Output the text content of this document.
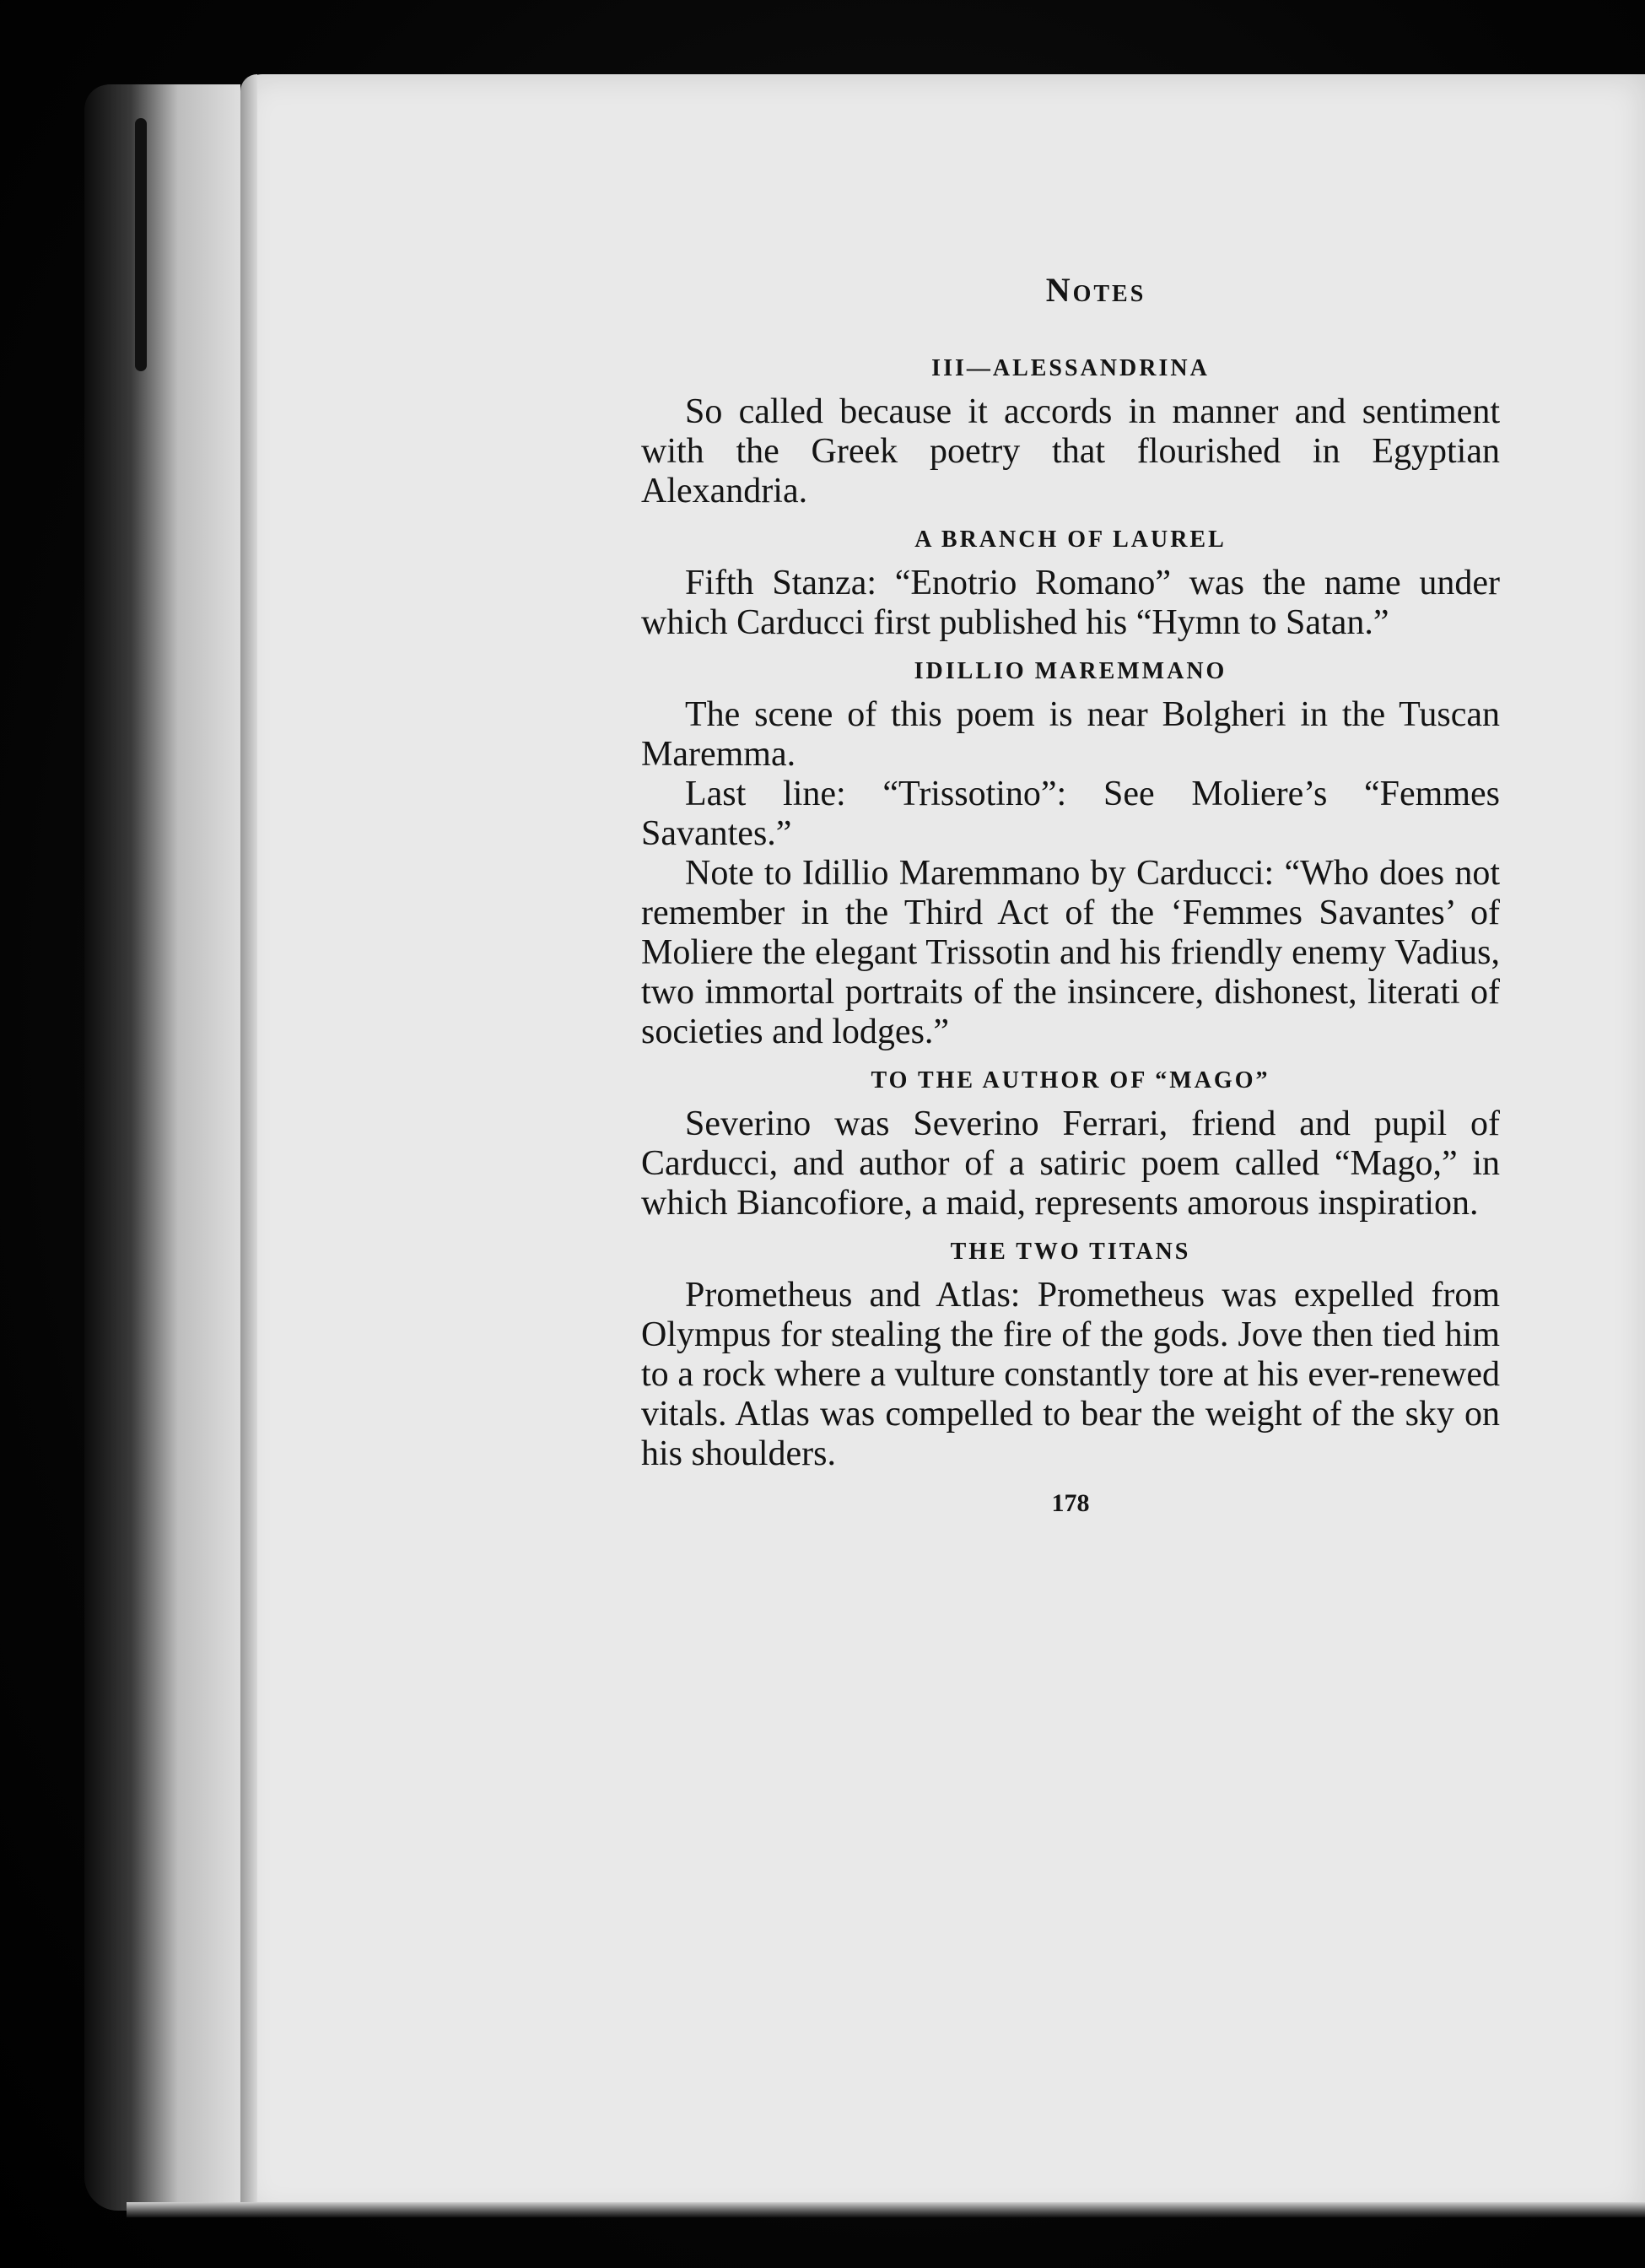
Notes
III—ALESSANDRINA

So called because it accords in manner and sentiment with the Greek poetry that flourished in Egyptian Alexandria.

A BRANCH OF LAUREL

Fifth Stanza: “Enotrio Romano” was the name under which Carducci first published his “Hymn to Satan.”

IDILLIO MAREMMANO

The scene of this poem is near Bolgheri in the Tuscan Maremma.

Last line: “Trissotino”: See Moliere’s “Femmes Savantes.”

Note to Idillio Maremmano by Carducci: “Who does not remember in the Third Act of the ‘Femmes Savantes’ of Moliere the elegant Trissotin and his friendly enemy Vadius, two immortal portraits of the insincere, dishonest, literati of societies and lodges.”

TO THE AUTHOR OF “MAGO”

Severino was Severino Ferrari, friend and pupil of Carducci, and author of a satiric poem called “Mago,” in which Biancofiore, a maid, represents amorous inspiration.

THE TWO TITANS

Prometheus and Atlas: Prometheus was expelled from Olympus for stealing the fire of the gods. Jove then tied him to a rock where a vulture constantly tore at his ever-renewed vitals. Atlas was compelled to bear the weight of the sky on his shoulders.

178
